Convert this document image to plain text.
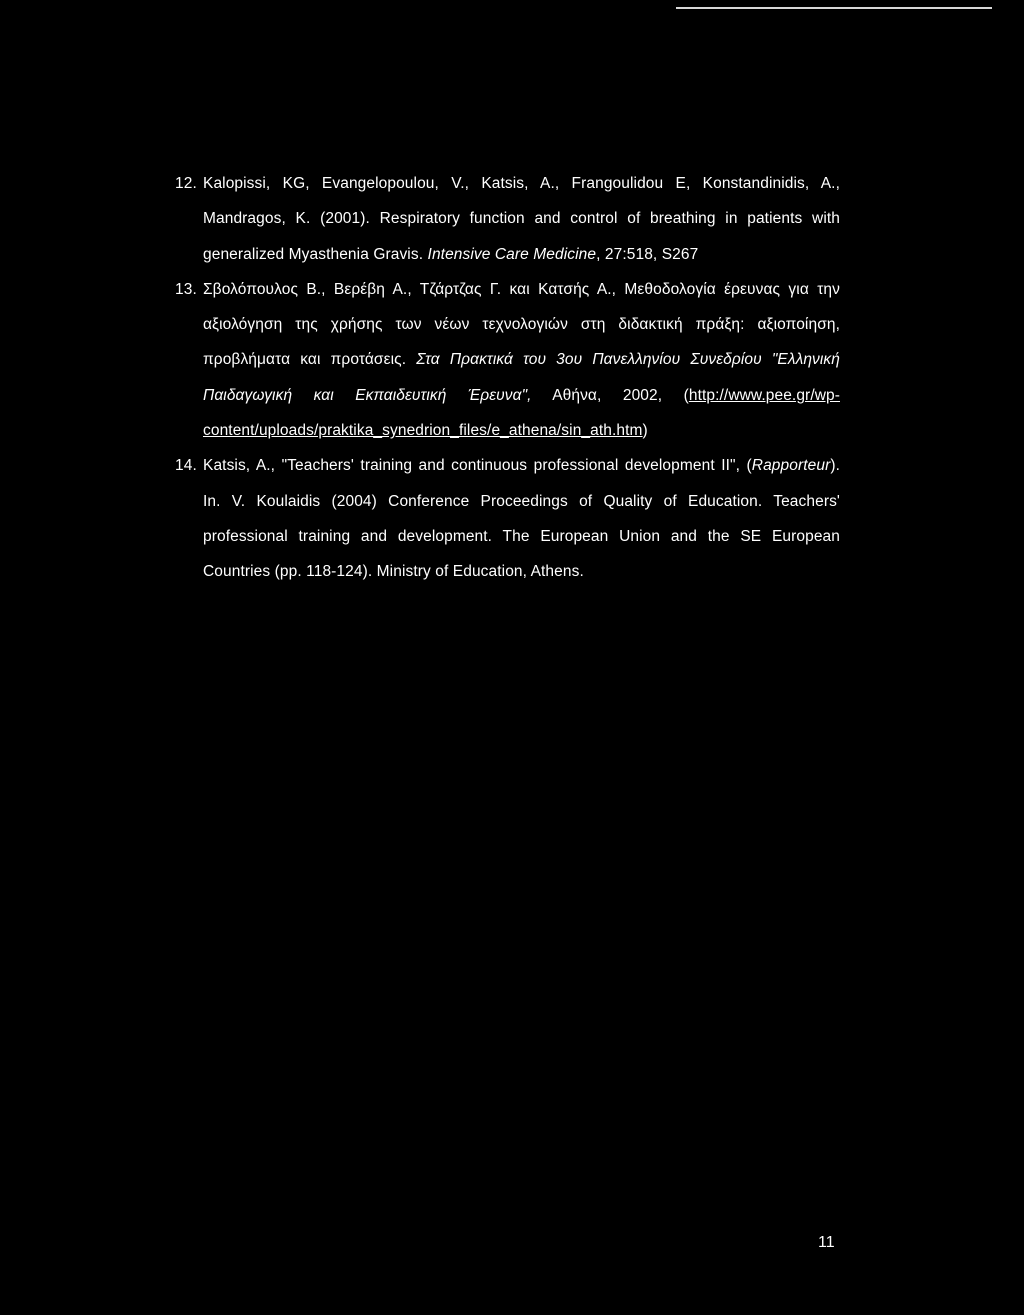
12. Kalopissi, KG, Evangelopoulou, V., Katsis, A., Frangoulidou E, Konstandinidis, A., Mandragos, K. (2001). Respiratory function and control of breathing in patients with generalized Myasthenia Gravis. Intensive Care Medicine, 27:518, S267
13. Σβολόπουλος Β., Βερέβη Α., Τζάρτζας Γ. και Κατσής Α., Μεθοδολογία έρευνας για την αξιολόγηση της χρήσης των νέων τεχνολογιών στη διδακτική πράξη: αξιοποίηση, προβλήματα και προτάσεις. Στα Πρακτικά του 3ου Πανελληνίου Συνεδρίου "Ελληνική Παιδαγωγική και Εκπαιδευτική Έρευνα", Αθήνα, 2002, (http://www.pee.gr/wp-content/uploads/praktika_synedrion_files/e_athena/sin_ath.htm)
14. Katsis, A., "Teachers' training and continuous professional development II", (Rapporteur). In. V. Koulaidis (2004) Conference Proceedings of Quality of Education. Teachers' professional training and development. The European Union and the SE European Countries (pp. 118-124). Ministry of Education, Athens.
11
